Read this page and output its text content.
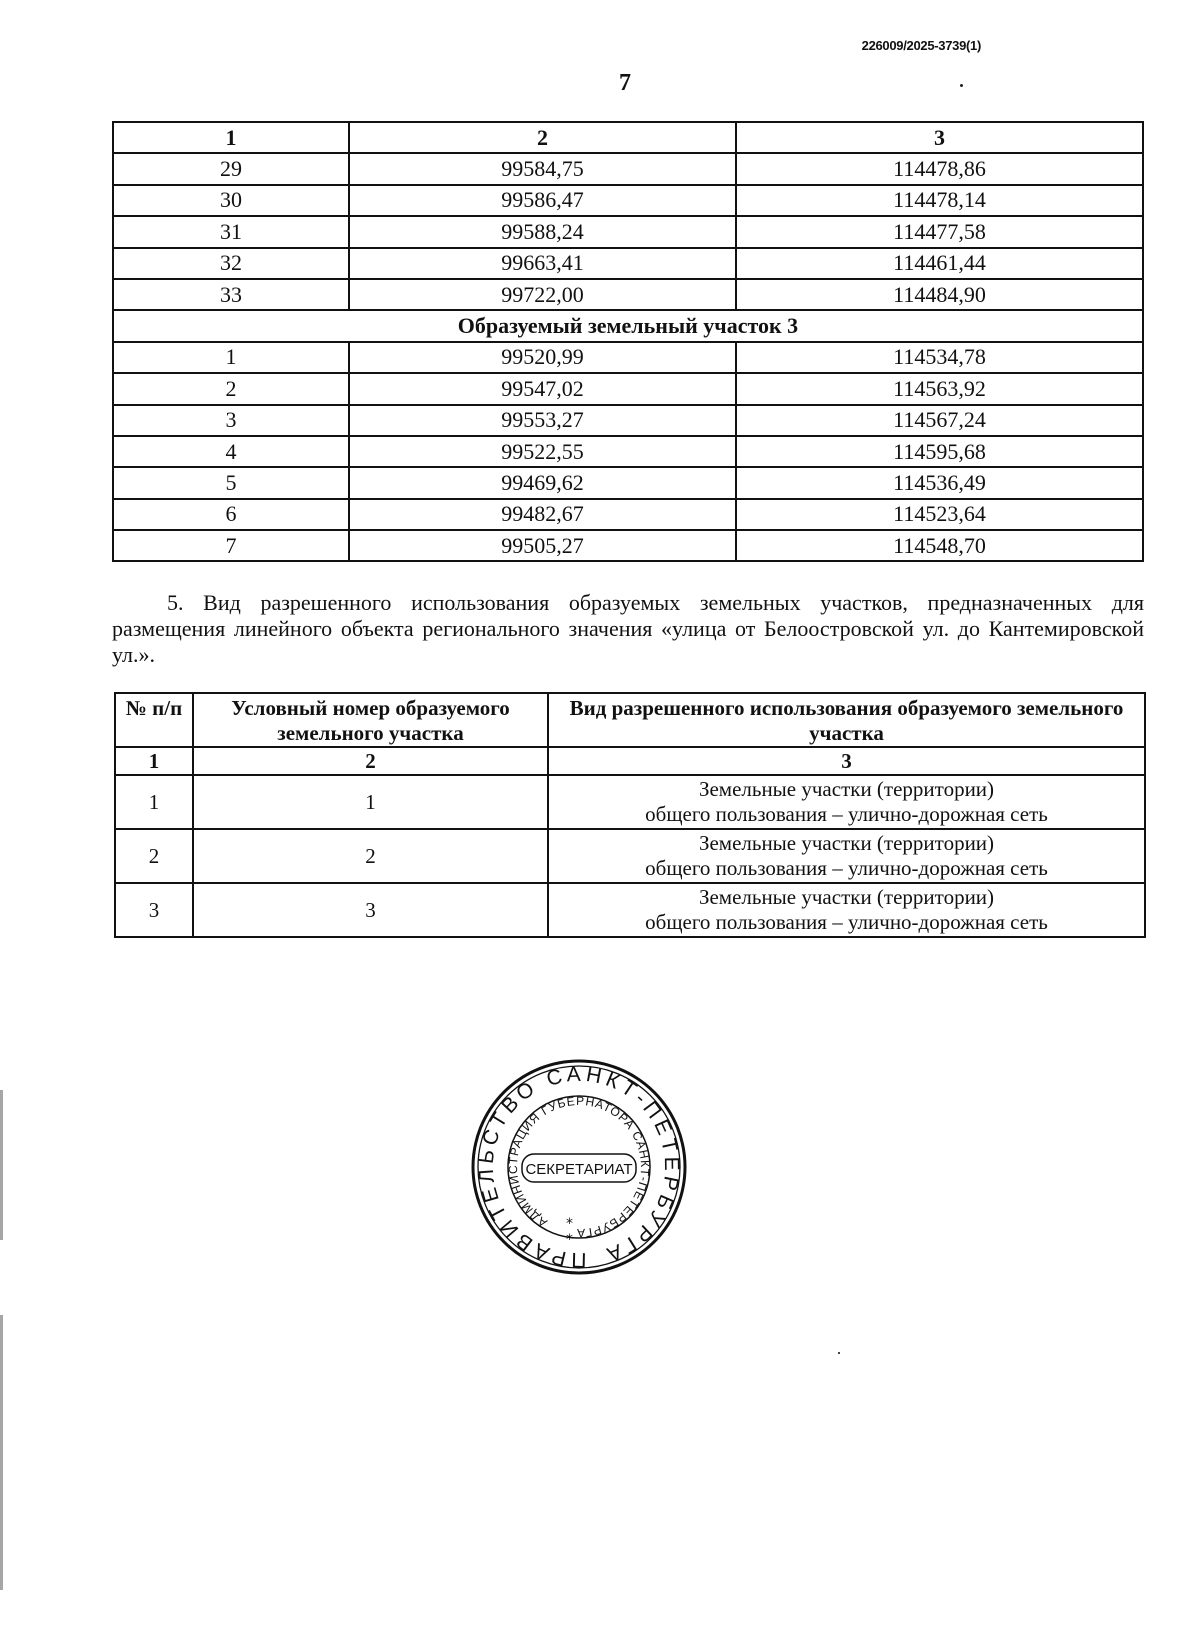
226009/2025-3739(1)
7
1	2	3
29	99584,75	114478,86
30	99586,47	114478,14
31	99588,24	114477,58
32	99663,41	114461,44
33	99722,00	114484,90
Образуемый земельный участок 3		
1	99520,99	114534,78
2	99547,02	114563,92
3	99553,27	114567,24
4	99522,55	114595,68
5	99469,62	114536,49
6	99482,67	114523,64
7	99505,27	114548,70
5. Вид разрешенного использования образуемых земельных участков, предназначенных для размещения линейного объекта регионального значения «улица от Белоостровской ул. до Кантемировской ул.».
№ п/п	Условный номер образуемого земельного участка	Вид разрешенного использования образуемого земельного участка
1	2	3
1	1	Земельные участки (территории)
общего пользования – улично-дорожная сеть

2	2	Земельные участки (территории)
общего пользования – улично-дорожная сеть

3	3	Земельные участки (территории)
общего пользования – улично-дорожная сеть
ПРАВИТЕЛЬСТВО САНКТ-ПЕТЕРБУРГА
АДМИНИСТРАЦИЯ ГУБЕРНАТОРА САНКТ-ПЕТЕРБУРГА
СЕКРЕТАРИАТ
*
*
